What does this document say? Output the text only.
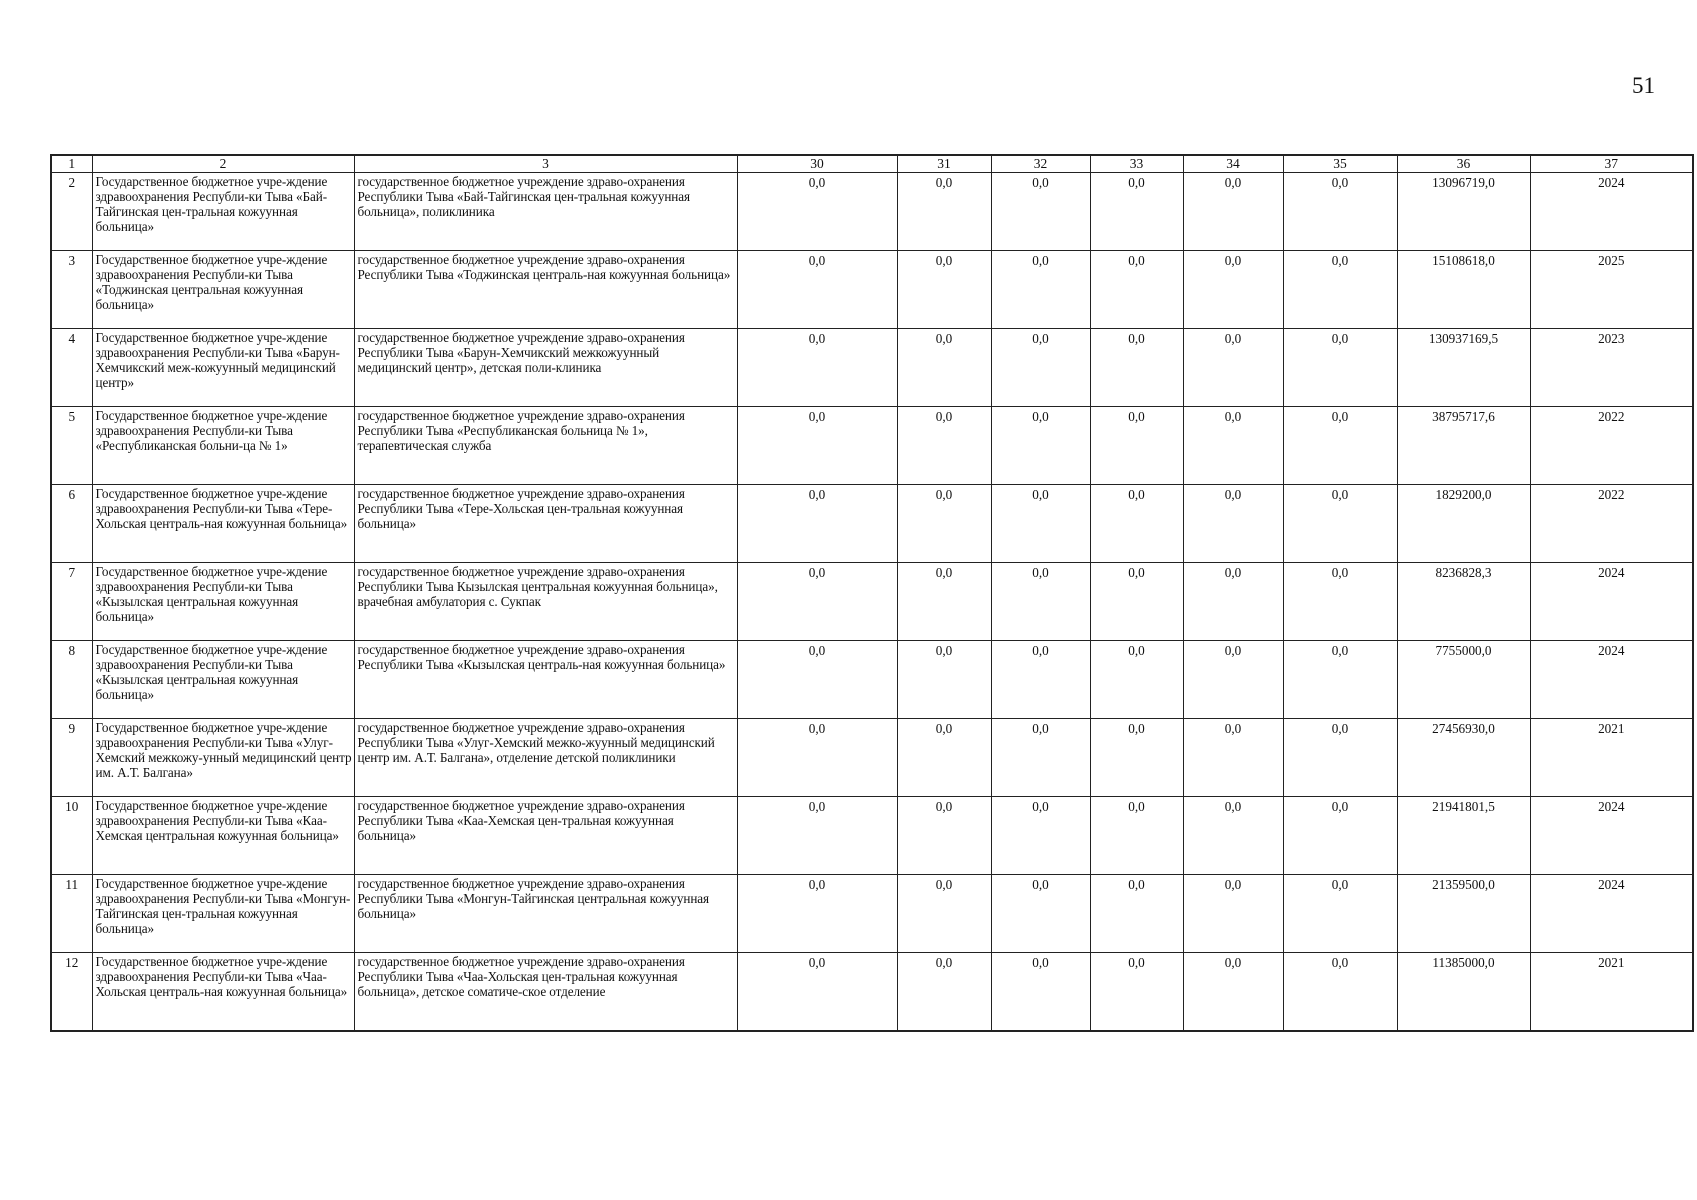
51
1	2	3	30	31	32	33	34	35	36	37
2	Государственное бюджетное учре-ждение здравоохранения Республи-ки Тыва «Бай-Тайгинская цен-тральная кожуунная больница»	государственное бюджетное учреждение здраво-охранения Республики Тыва «Бай-Тайгинская цен-тральная кожуунная больница», поликлиника	0,0	0,0	0,0	0,0	0,0	0,0	13096719,0	2024
3	Государственное бюджетное учре-ждение здравоохранения Республи-ки Тыва «Тоджинская центральная кожуунная больница»	государственное бюджетное учреждение здраво-охранения Республики Тыва «Тоджинская централь-ная кожуунная больница»	0,0	0,0	0,0	0,0	0,0	0,0	15108618,0	2025
4	Государственное бюджетное учре-ждение здравоохранения Республи-ки Тыва «Барун-Хемчикский меж-кожуунный медицинский центр»	государственное бюджетное учреждение здраво-охранения Республики Тыва «Барун-Хемчикский межкожуунный медицинский центр», детская поли-клиника	0,0	0,0	0,0	0,0	0,0	0,0	130937169,5	2023
5	Государственное бюджетное учре-ждение здравоохранения Республи-ки Тыва «Республиканская больни-ца № 1»	государственное бюджетное учреждение здраво-охранения Республики Тыва «Республиканская больница № 1», терапевтическая служба	0,0	0,0	0,0	0,0	0,0	0,0	38795717,6	2022
6	Государственное бюджетное учре-ждение здравоохранения Республи-ки Тыва «Тере-Хольская централь-ная кожуунная больница»	государственное бюджетное учреждение здраво-охранения Республики Тыва «Тере-Хольская цен-тральная кожуунная больница»	0,0	0,0	0,0	0,0	0,0	0,0	1829200,0	2022
7	Государственное бюджетное учре-ждение здравоохранения Республи-ки Тыва «Кызылская центральная кожуунная больница»	государственное бюджетное учреждение здраво-охранения Республики Тыва Кызылская центральная кожуунная больница», врачебная амбулатория с. Сукпак	0,0	0,0	0,0	0,0	0,0	0,0	8236828,3	2024
8	Государственное бюджетное учре-ждение здравоохранения Республи-ки Тыва «Кызылская центральная кожуунная больница»	государственное бюджетное учреждение здраво-охранения Республики Тыва «Кызылская централь-ная кожуунная больница»	0,0	0,0	0,0	0,0	0,0	0,0	7755000,0	2024
9	Государственное бюджетное учре-ждение здравоохранения Республи-ки Тыва «Улуг-Хемский межкожу-унный медицинский центр им. А.Т. Балгана»	государственное бюджетное учреждение здраво-охранения Республики Тыва «Улуг-Хемский межко-жуунный медицинский центр им. А.Т. Балгана», отделение детской поликлиники	0,0	0,0	0,0	0,0	0,0	0,0	27456930,0	2021
10	Государственное бюджетное учре-ждение здравоохранения Республи-ки Тыва «Каа-Хемская центральная кожуунная больница»	государственное бюджетное учреждение здраво-охранения Республики Тыва «Каа-Хемская цен-тральная кожуунная больница»	0,0	0,0	0,0	0,0	0,0	0,0	21941801,5	2024
11	Государственное бюджетное учре-ждение здравоохранения Республи-ки Тыва «Монгун-Тайгинская цен-тральная кожуунная больница»	государственное бюджетное учреждение здраво-охранения Республики Тыва «Монгун-Тайгинская центральная кожуунная больница»	0,0	0,0	0,0	0,0	0,0	0,0	21359500,0	2024
12	Государственное бюджетное учре-ждение здравоохранения Республи-ки Тыва «Чаа-Хольская централь-ная кожуунная больница»	государственное бюджетное учреждение здраво-охранения Республики Тыва «Чаа-Хольская цен-тральная кожуунная больница», детское соматиче-ское отделение	0,0	0,0	0,0	0,0	0,0	0,0	11385000,0	2021
